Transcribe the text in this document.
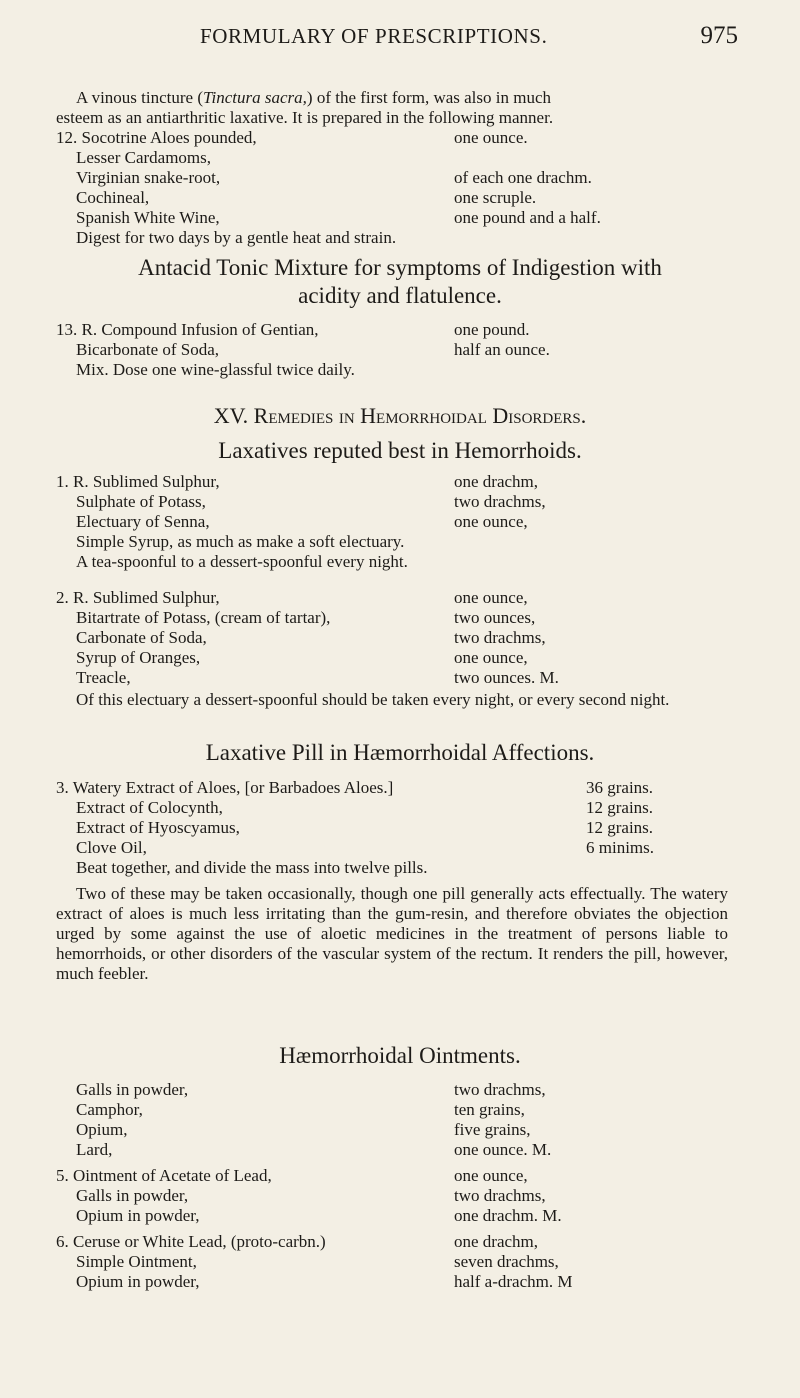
FORMULARY OF PRESCRIPTIONS.	975
A vinous tincture (Tinctura sacra,) of the first form, was also in much
esteem as an antiarthritic laxative. It is prepared in the following manner.
12. Socotrine Aloes pounded,	one ounce.
Lesser Cardamoms,
Virginian snake-root,	of each one drachm.
Cochineal,	one scruple.
Spanish White Wine,	one pound and a half.
Digest for two days by a gentle heat and strain.
Antacid Tonic Mixture for symptoms of Indigestion with
acidity and flatulence.
13. R. Compound Infusion of Gentian,	one pound.
Bicarbonate of Soda,	half an ounce.
Mix. Dose one wine-glassful twice daily.
XV. Remedies in Hemorrhoidal Disorders.
Laxatives reputed best in Hemorrhoids.
1. R. Sublimed Sulphur,	one drachm,
Sulphate of Potass,	two drachms,
Electuary of Senna,	one ounce,
Simple Syrup, as much as make a soft electuary.
A tea-spoonful to a dessert-spoonful every night.
2. R. Sublimed Sulphur,	one ounce,
Bitartrate of Potass, (cream of tartar),	two ounces,
Carbonate of Soda,	two drachms,
Syrup of Oranges,	one ounce,
Treacle,	two ounces. M.

Of this electuary a dessert-spoonful should be taken every night, or every second night.

Laxative Pill in Hæmorrhoidal Affections.
3. Watery Extract of Aloes, [or Barbadoes Aloes.]	36 grains.
Extract of Colocynth,	12 grains.
Extract of Hyoscyamus,	12 grains.
Clove Oil,	6 minims.
Beat together, and divide the mass into twelve pills.

Two of these may be taken occasionally, though one pill generally acts effectually. The watery extract of aloes is much less irritating than the gum-resin, and therefore obviates the objection urged by some against the use of aloetic medicines in the treatment of persons liable to hemorrhoids, or other disorders of the vascular system of the rectum. It renders the pill, however, much feebler.

Hæmorrhoidal Ointments.
Galls in powder,	two drachms,
Camphor,	ten grains,
Opium,	five grains,
Lard,	one ounce. M.
5. Ointment of Acetate of Lead,	one ounce,
Galls in powder,	two drachms,
Opium in powder,	one drachm. M.
6. Ceruse or White Lead, (proto-carbn.)	one drachm,
Simple Ointment,	seven drachms,
Opium in powder,	half a-drachm. M
